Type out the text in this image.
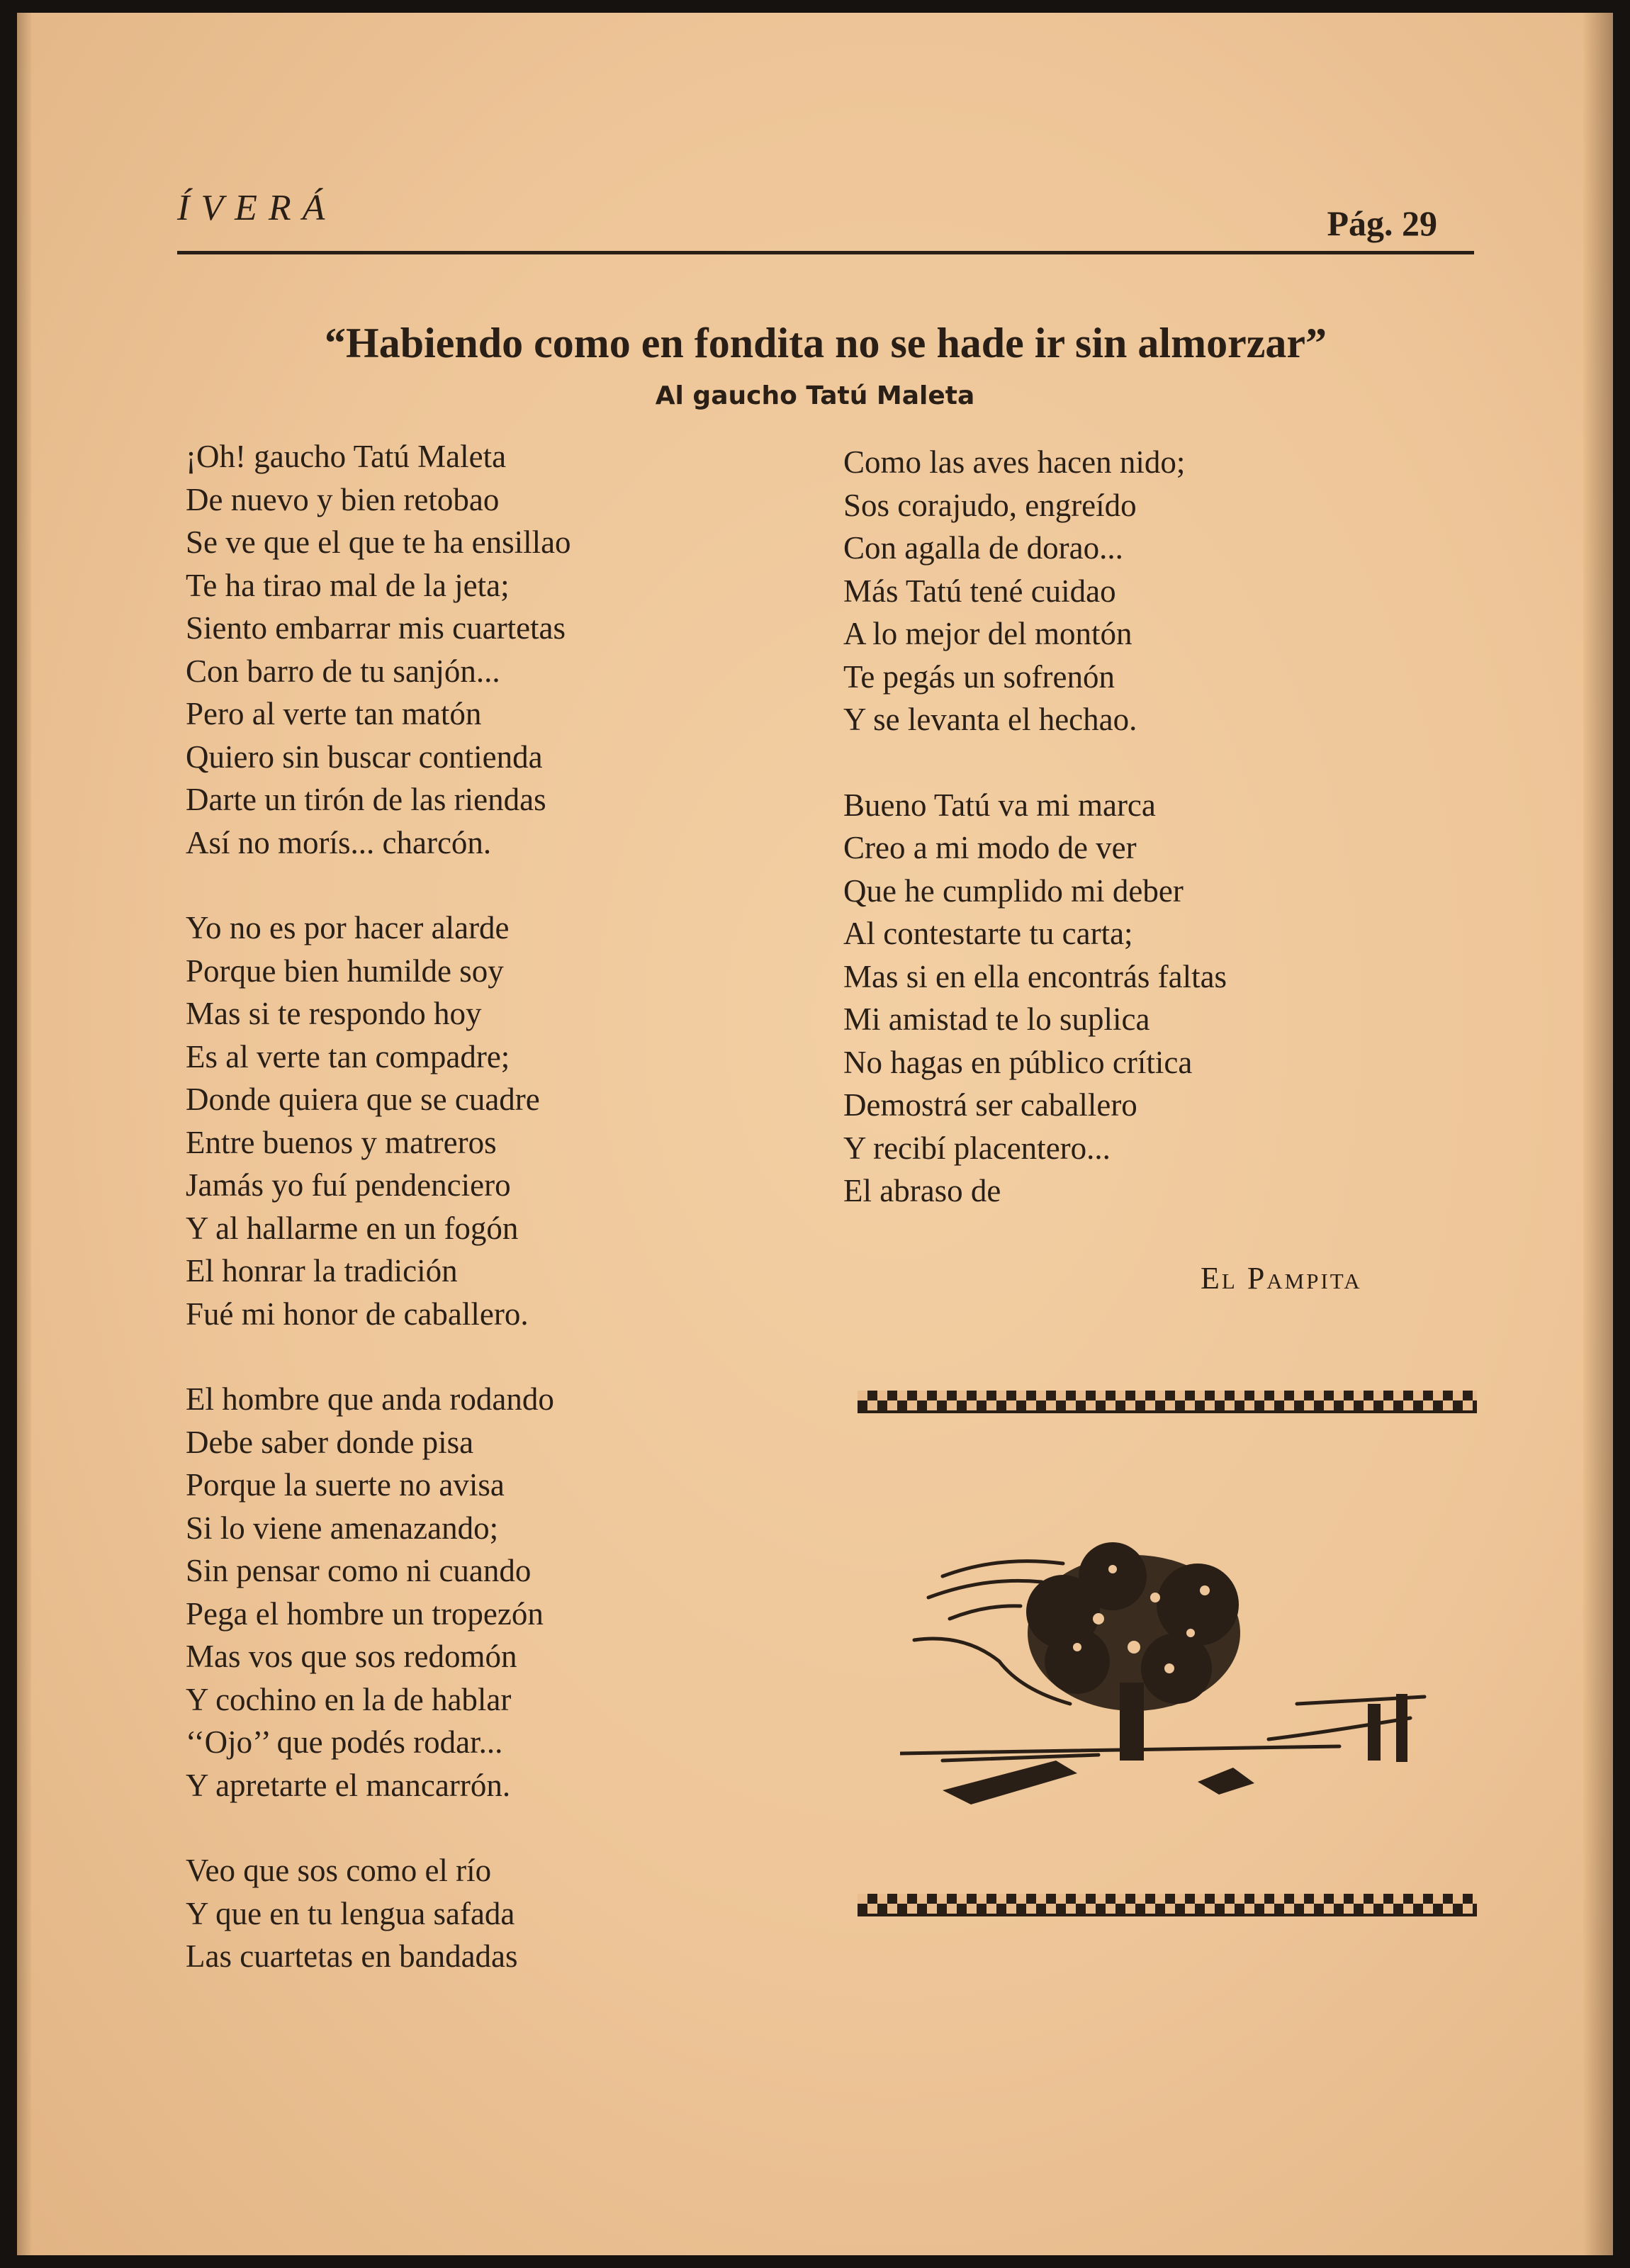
ÍVERÁ	Pág. 29
“Habiendo como en fondita no se hade ir sin almorzar”
Al gaucho Tatú Maleta
¡Oh! gaucho Tatú Maleta
De nuevo y bien retobao
Se ve que el que te ha ensillao
Te ha tirao mal de la jeta;
Siento embarrar mis cuartetas
Con barro de tu sanjón...
Pero al verte tan matón
Quiero sin buscar contienda
Darte un tirón de las riendas
Así no morís... charcón.
Yo no es por hacer alarde
Porque bien humilde soy
Mas si te respondo hoy
Es al verte tan compadre;
Donde quiera que se cuadre
Entre buenos y matreros
Jamás yo fuí pendenciero
Y al hallarme en un fogón
El honrar la tradición
Fué mi honor de caballero.
El hombre que anda rodando
Debe saber donde pisa
Porque la suerte no avisa
Si lo viene amenazando;
Sin pensar como ni cuando
Pega el hombre un tropezón
Mas vos que sos redomón
Y cochino en la de hablar
‘‘Ojo’’ que podés rodar...
Y apretarte el mancarrón.
Veo que sos como el río
Y que en tu lengua safada
Las cuartetas en bandadas
Como las aves hacen nido;
Sos corajudo, engreído
Con agalla de dorao...
Más Tatú tené cuidao
A lo mejor del montón
Te pegás un sofrenón
Y se levanta el hechao.
Bueno Tatú va mi marca
Creo a mi modo de ver
Que he cumplido mi deber
Al contestarte tu carta;
Mas si en ella encontrás faltas
Mi amistad te lo suplica
No hagas en público crítica
Demostrá ser caballero
Y recibí placentero...
El abraso de
El Pampita
